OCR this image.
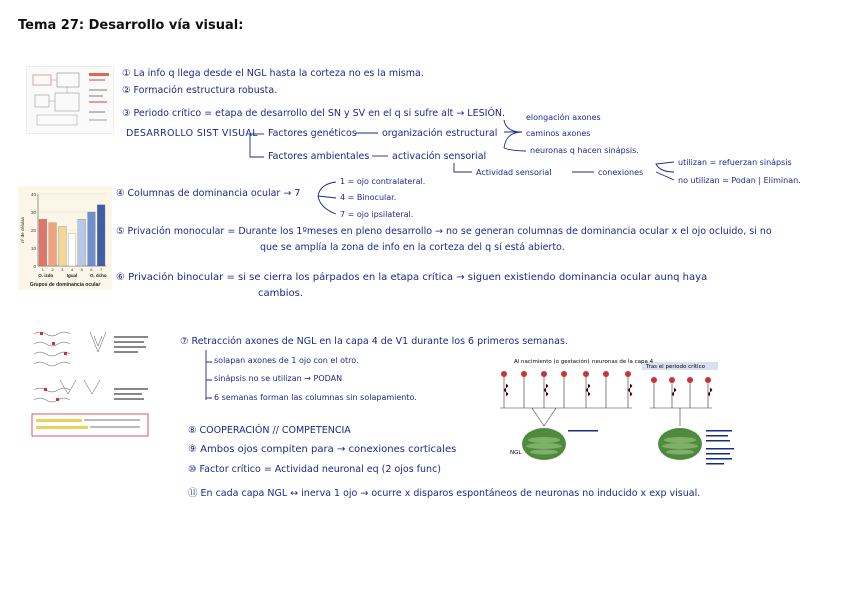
Tema 27: Desarrollo vía visual:
① La info q llega desde el NGL hasta la corteza no es la misma.
② Formación estructura robusta.
③ Periodo crítico = etapa de desarrollo del SN y SV en el q si sufre alt → LESIÓN.
DESARROLLO SIST VISUAL Factores genéticos	organización estructural
elongación axones
caminos axones
neuronas q hacen sinápsis.
Factores ambientales activación sensorial
Actividad sensorial	conexiones
utilizan = refuerzan sinápsis
no utilizan = Podan | Eliminan.
0
10
20
30
40
1 2 3 4 5 6 7
O. izdo	Igual	O. dcho
nº de células
Grupos de dominancia ocular
④ Columnas de dominancia ocular → 7
1 = ojo contralateral.
4 = Binocular.
7 = ojo ipsilateral.
⑤ Privación monocular = Durante los 1ºmeses en pleno desarrollo → no se generan columnas de dominancia ocular x el ojo ocluido, si no
que se amplía la zona de info en la corteza del q sí está abierto.
⑥ Privación binocular = si se cierra los párpados en la etapa crítica → siguen existiendo dominancia ocular aunq haya
cambios.
⑦ Retracción axones de NGL en la capa 4 de V1 durante los 6 primeros semanas.
solapan axones de 1 ojo con el otro.
sinápsis no se utilizan → PODAN
6 semanas forman las columnas sin solapamiento.
⑧ COOPERACIÓN // COMPETENCIA
⑨ Ambos ojos compiten para → conexiones corticales
⑩ Factor crítico = Actividad neuronal eq (2 ojos func)
⑪ En cada capa NGL ↔ inerva 1 ojo → ocurre x disparos espontáneos de neuronas no inducido x exp visual.
Al nacimiento (o gestación) neuronas de la capa 4
Tras el periodo crítico
NGL
